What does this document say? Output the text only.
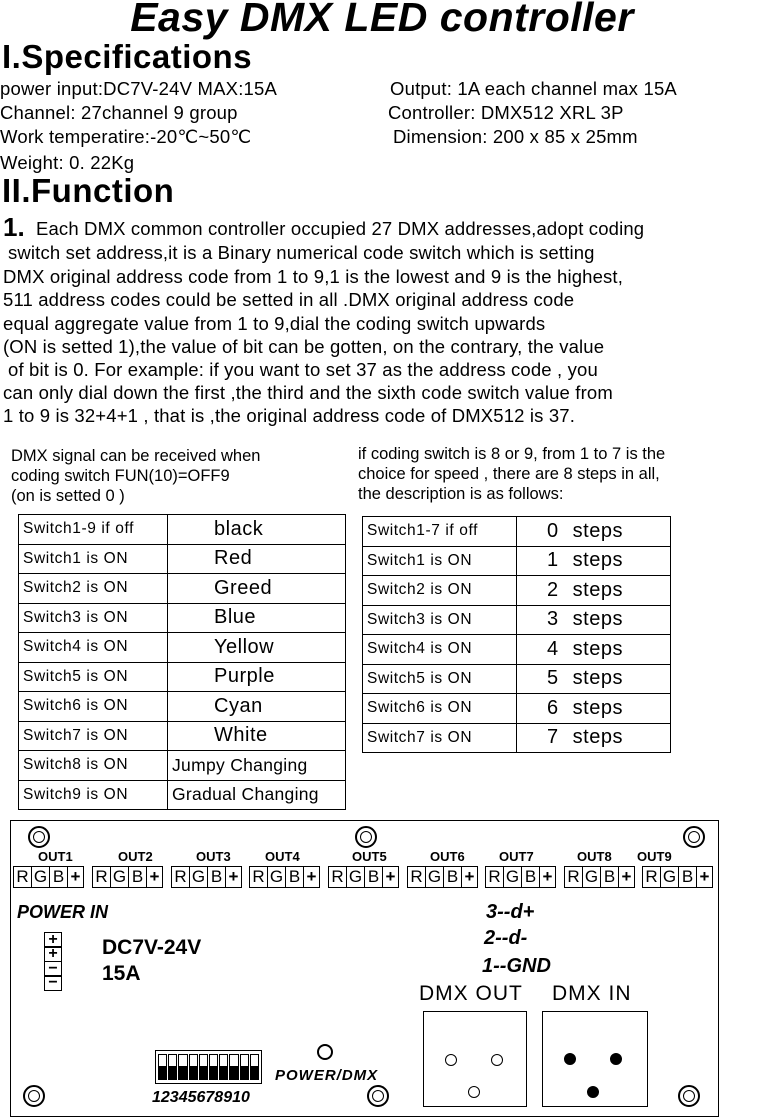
Easy DMX LED controller
I.Specifications
power input:DC7V-24V MAX:15A	Output: 1A each channel max 15A
Channel: 27channel 9 group	Controller: DMX512 XRL 3P
Work temperatire:-20℃~50℃	Dimension: 200 x 85 x 25mm
Weight: 0. 22Kg
II.Function
1. Each DMX common controller occupied 27 DMX addresses,adopt coding
switch set address,it is a Binary numerical code switch which is setting
DMX original address code from 1 to 9,1 is the lowest and 9 is the highest,
511 address codes could be setted in all .DMX original address code
equal aggregate value from 1 to 9,dial the coding switch upwards
(ON is setted 1),the value of bit can be gotten, on the contrary, the value
of bit is 0. For example: if you want to set 37 as the address code , you
can only dial down the first ,the third and the sixth code switch value from
1 to 9 is 32+4+1 , that is ,the original address code of DMX512 is 37.
DMX signal can be received when
coding switch FUN(10)=OFF9
(on is setted 0 )
if coding switch is 8 or 9, from 1 to 7 is the
choice for speed , there are 8 steps in all,
the description is as follows:
Switch1-9 if off	black
Switch1 is ON	Red
Switch2 is ON	Greed
Switch3 is ON	Blue
Switch4 is ON	Yellow
Switch5 is ON	Purple
Switch6 is ON	Cyan
Switch7 is ON	White
Switch8 is ON	Jumpy Changing
Switch9 is ON	Gradual Changing
Switch1-7 if off	0 steps
Switch1 is ON	1 steps
Switch2 is ON	2 steps
Switch3 is ON	3 steps
Switch4 is ON	4 steps
Switch5 is ON	5 steps
Switch6 is ON	6 steps
Switch7 is ON	7 steps
OUT1	OUT2	OUT3	OUT4	OUT5	OUT6	OUT7	OUT8 OUT9
R G B + R G B + R G B + R G B + R G B + R G B + R G B + R G B + R G B +
POWER IN
+
+
−
−
DC7V-24V
15A
3--d+
2--d-
1--GND
DMX OUT DMX IN
12345678910
POWER/DMX
